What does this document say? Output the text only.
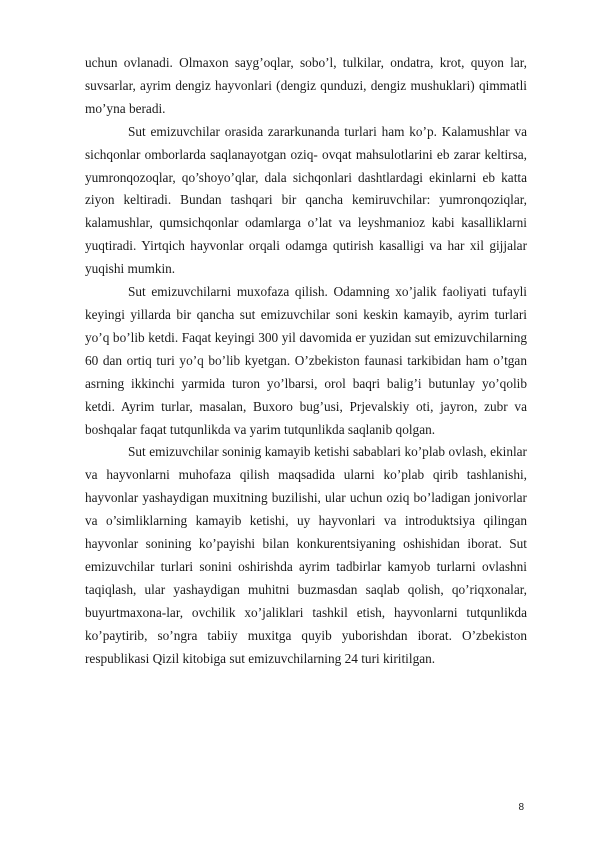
uchun ovlanadi. Olmaxon sayg’oqlar, sobo’l, tulkilar, ondatra, krot, quyon lar, suvsarlar, ayrim dengiz hayvonlari (dengiz qunduzi, dengiz mushuklari) qimmatli mo’yna beradi.

Sut emizuvchilar orasida zararkunanda turlari ham ko’p. Kalamushlar va sichqonlar omborlarda saqlanayotgan oziq- ovqat mahsulotlarini eb zarar keltirsa, yumronqozoqlar, qo’shoyo’qlar, dala sichqonlari dashtlardagi ekinlarni eb katta ziyon keltiradi. Bundan tashqari bir qancha kemiruvchilar: yumronqoziqlar, kalamushlar, qumsichqonlar odamlarga o’lat va leyshmanioz kabi kasalliklarni yuqtiradi. Yirtqich hayvonlar orqali odamga qutirish kasalligi va har xil gijjalar yuqishi mumkin.

Sut emizuvchilarni muxofaza qilish. Odamning xo’jalik faoliyati tufayli keyingi yillarda bir qancha sut emizuvchilar soni keskin kamayib, ayrim turlari yo’q bo’lib ketdi. Faqat keyingi 300 yil davomida er yuzidan sut emizuvchilarning 60 dan ortiq turi yo’q bo’lib kyetgan. O’zbekiston faunasi tarkibidan ham o’tgan asrning ikkinchi yarmida turon yo’lbarsi, orol baqri balig’i butunlay yo’qolib ketdi. Ayrim turlar, masalan, Buxoro bug’usi, Prjevalskiy oti, jayron, zubr va boshqalar faqat tutqunlikda va yarim tutqunlikda saqlanib qolgan.

Sut emizuvchilar soninig kamayib ketishi sabablari ko’plab ovlash, ekinlar va hayvonlarni muhofaza qilish maqsadida ularni ko’plab qirib tashlanishi, hayvonlar yashaydigan muxitning buzilishi, ular uchun oziq bo’ladigan jonivorlar va o’simliklarning kamayib ketishi, uy hayvonlari va introduktsiya qilingan hayvonlar sonining ko’payishi bilan konkurentsiyaning oshishidan iborat. Sut emizuvchilar turlari sonini oshirishda ayrim tadbirlar kamyob turlarni ovlashni taqiqlash, ular yashaydigan muhitni buzmasdan saqlab qolish, qo’riqxonalar, buyurtmaxona-lar, ovchilik xo’jaliklari tashkil etish, hayvonlarni tutqunlikda ko’paytirib, so’ngra tabiiy muxitga quyib yuborishdan iborat. O’zbekiston respublikasi Qizil kitobiga sut emizuvchilarning 24 turi kiritilgan.

8
